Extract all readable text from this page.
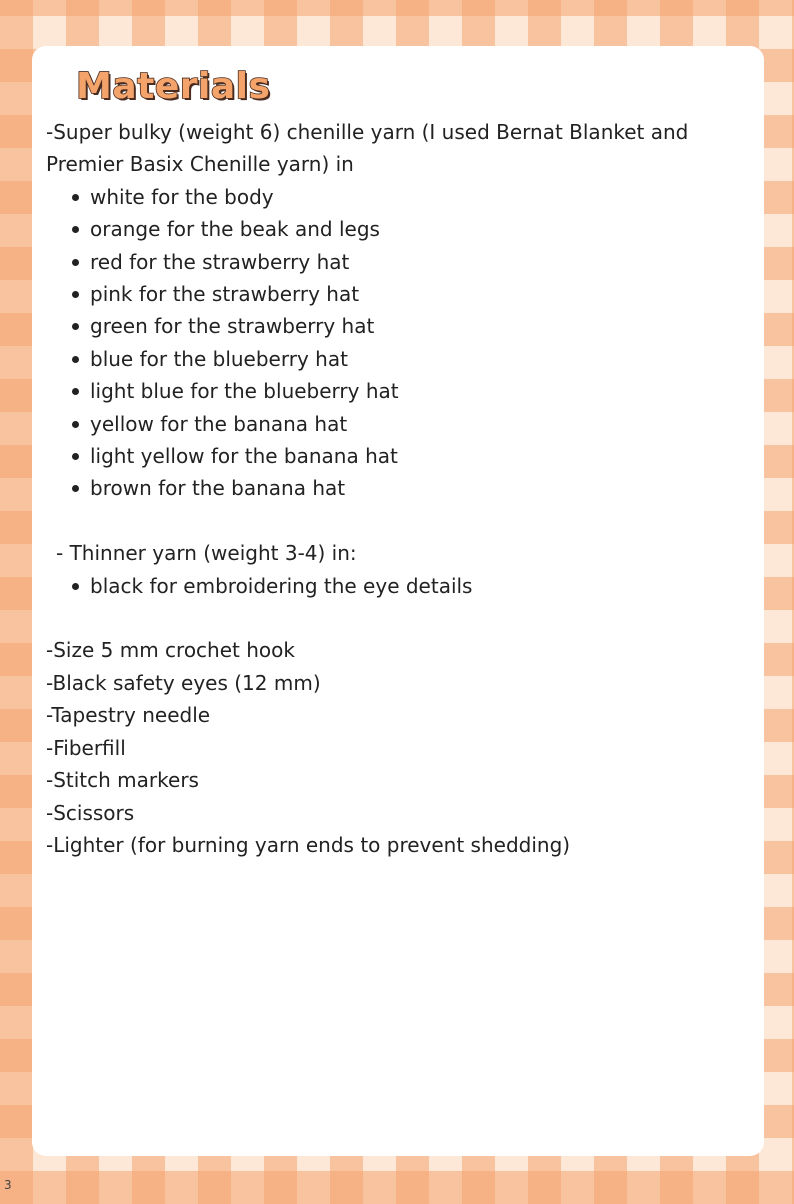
Materials

-Super bulky (weight 6) chenille yarn (I used Bernat Blanket and Premier Basix Chenille yarn) in

white for the body
orange for the beak and legs
red for the strawberry hat
pink for the strawberry hat
green for the strawberry hat
blue for the blueberry hat
light blue for the blueberry hat
yellow for the banana hat
light yellow for the banana hat
brown for the banana hat

- Thinner yarn (weight 3-4) in:

black for embroidering the eye details

-Size 5 mm crochet hook

-Black safety eyes (12 mm)

-Tapestry needle

-Fiberfill

-Stitch markers

-Scissors

-Lighter (for burning yarn ends to prevent shedding)

3
